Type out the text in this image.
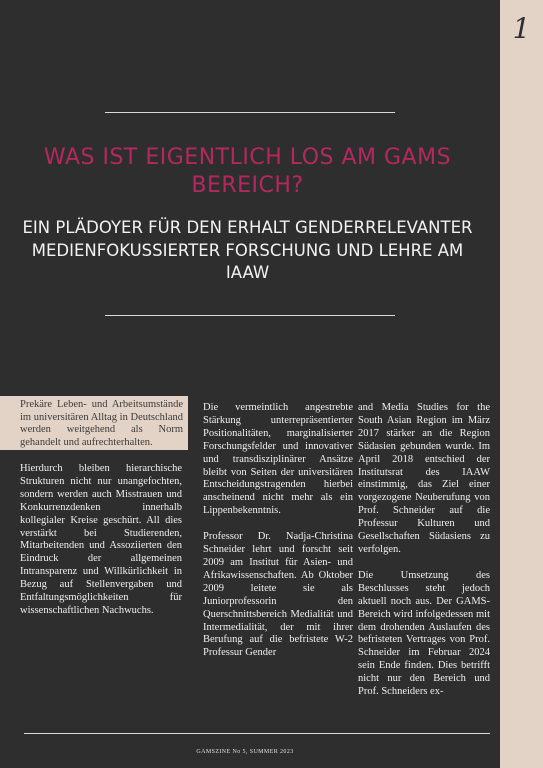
1
WAS IST EIGENTLICH LOS AM GAMS BEREICH?
EIN PLÄDOYER FÜR DEN ERHALT GENDERRELEVANTER MEDIENFOKUSSIERTER FORSCHUNG UND LEHRE AM IAAW

Prekäre Leben- und Arbeitsumstände im universitären Alltag in Deutschland werden weitgehend als Norm gehandelt und aufrechterhalten.

Hierdurch bleiben hierarchische Strukturen nicht nur unangefochten, sondern werden auch Misstrauen und Konkurrenzdenken innerhalb kollegialer Kreise geschürt. All dies verstärkt bei Studierenden, Mitarbeitenden und Assoziierten den Eindruck der allgemeinen Intransparenz und Willkürlichkeit in Bezug auf Stellenvergaben und Entfaltungsmöglichkeiten für wissenschaftlichen Nachwuchs.

Die vermeintlich angestrebte Stärkung unterrepräsentierter Positionalitäten, marginalisierter Forschungsfelder und innovativer und transdisziplinärer Ansätze bleibt von Seiten der universitären Entscheidungstragenden hierbei anscheinend nicht mehr als ein Lippenbekenntnis.

Professor Dr. Nadja-Christina Schneider lehrt und forscht seit 2009 am Institut für Asien- und Afrikawissenschaften. Ab Oktober 2009 leitete sie als Juniorprofessorin den Querschnittsbereich Medialität und Intermedialität, der mit ihrer Berufung auf die befristete W-2 Professur Gender

and Media Studies for the South Asian Region im März 2017 stärker an die Region Südasien gebunden wurde. Im April 2018 entschied der Institutsrat des IAAW einstimmig, das Ziel einer vorgezogene Neuberufung von Prof. Schneider auf die Professur Kulturen und Gesellschaften Südasiens zu verfolgen.

Die Umsetzung des Beschlusses steht jedoch aktuell noch aus. Der GAMS-Bereich wird infolgedessen mit dem drohenden Auslaufen des befristeten Vertrages von Prof. Schneider im Februar 2024 sein Ende finden. Dies betrifft nicht nur den Bereich und Prof. Schneiders ex-

GAMSZINE No 5, SUMMER 2023
